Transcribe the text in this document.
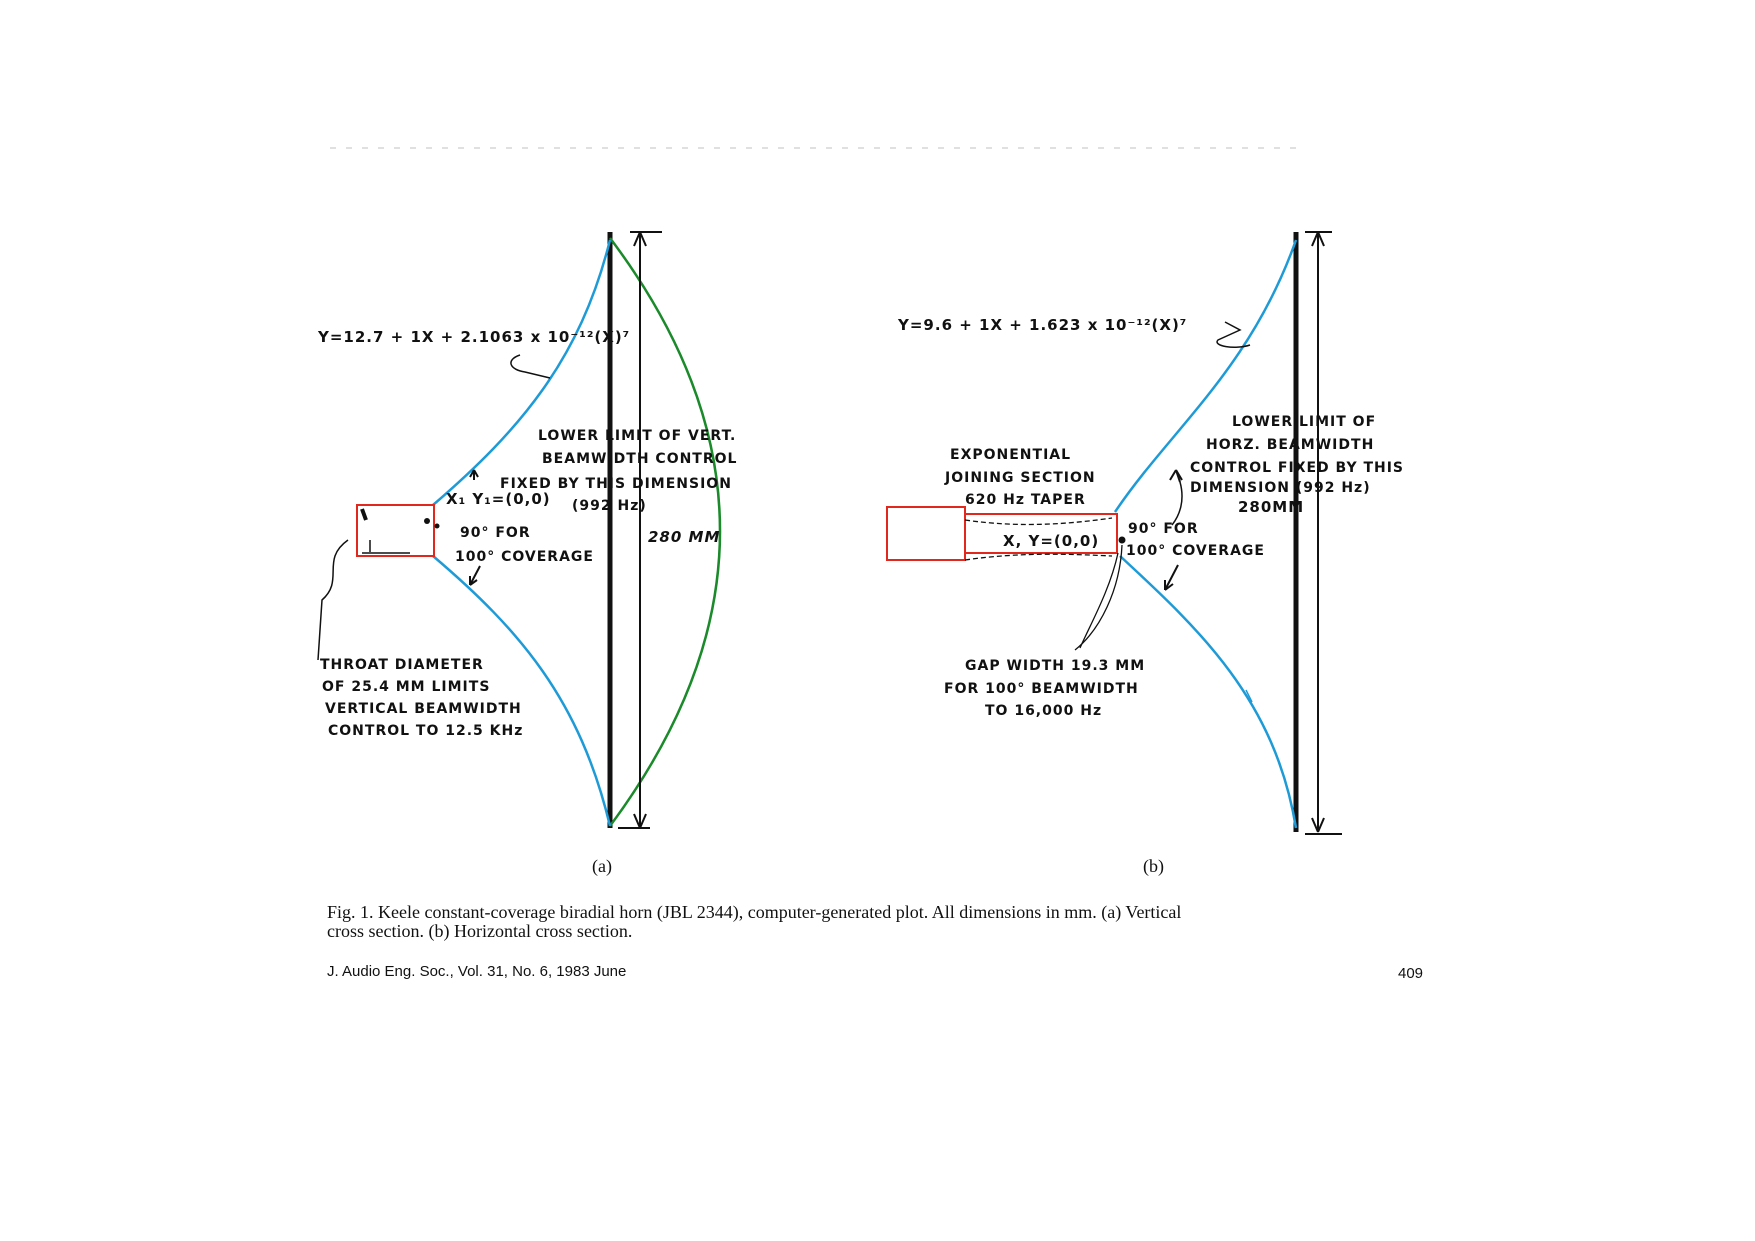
Y=12.7 + 1X + 2.1063 x 10⁻¹²(X)⁷
LOWER LIMIT OF VERT.
BEAMWIDTH CONTROL
FIXED BY THIS DIMENSION
(992 Hz)
X₁ Y₁=(0,0)
90° FOR
100° COVERAGE
280 MM
THROAT DIAMETER
OF 25.4 MM LIMITS
VERTICAL BEAMWIDTH
CONTROL TO 12.5 KHz
(a)
Y=9.6 + 1X + 1.623 x 10⁻¹²(X)⁷
LOWER LIMIT OF
HORZ. BEAMWIDTH
CONTROL FIXED BY THIS
DIMENSION (992 Hz)
280MM
EXPONENTIAL
JOINING SECTION
620 Hz TAPER
X, Y=(0,0)
90° FOR
100° COVERAGE
GAP WIDTH 19.3 MM
FOR 100° BEAMWIDTH
TO 16,000 Hz
(b)
Fig. 1. Keele constant-coverage biradial horn (JBL 2344), computer-generated plot. All dimensions in mm. (a) Vertical
cross section. (b) Horizontal cross section.
J. Audio Eng. Soc., Vol. 31, No. 6, 1983 June	409
